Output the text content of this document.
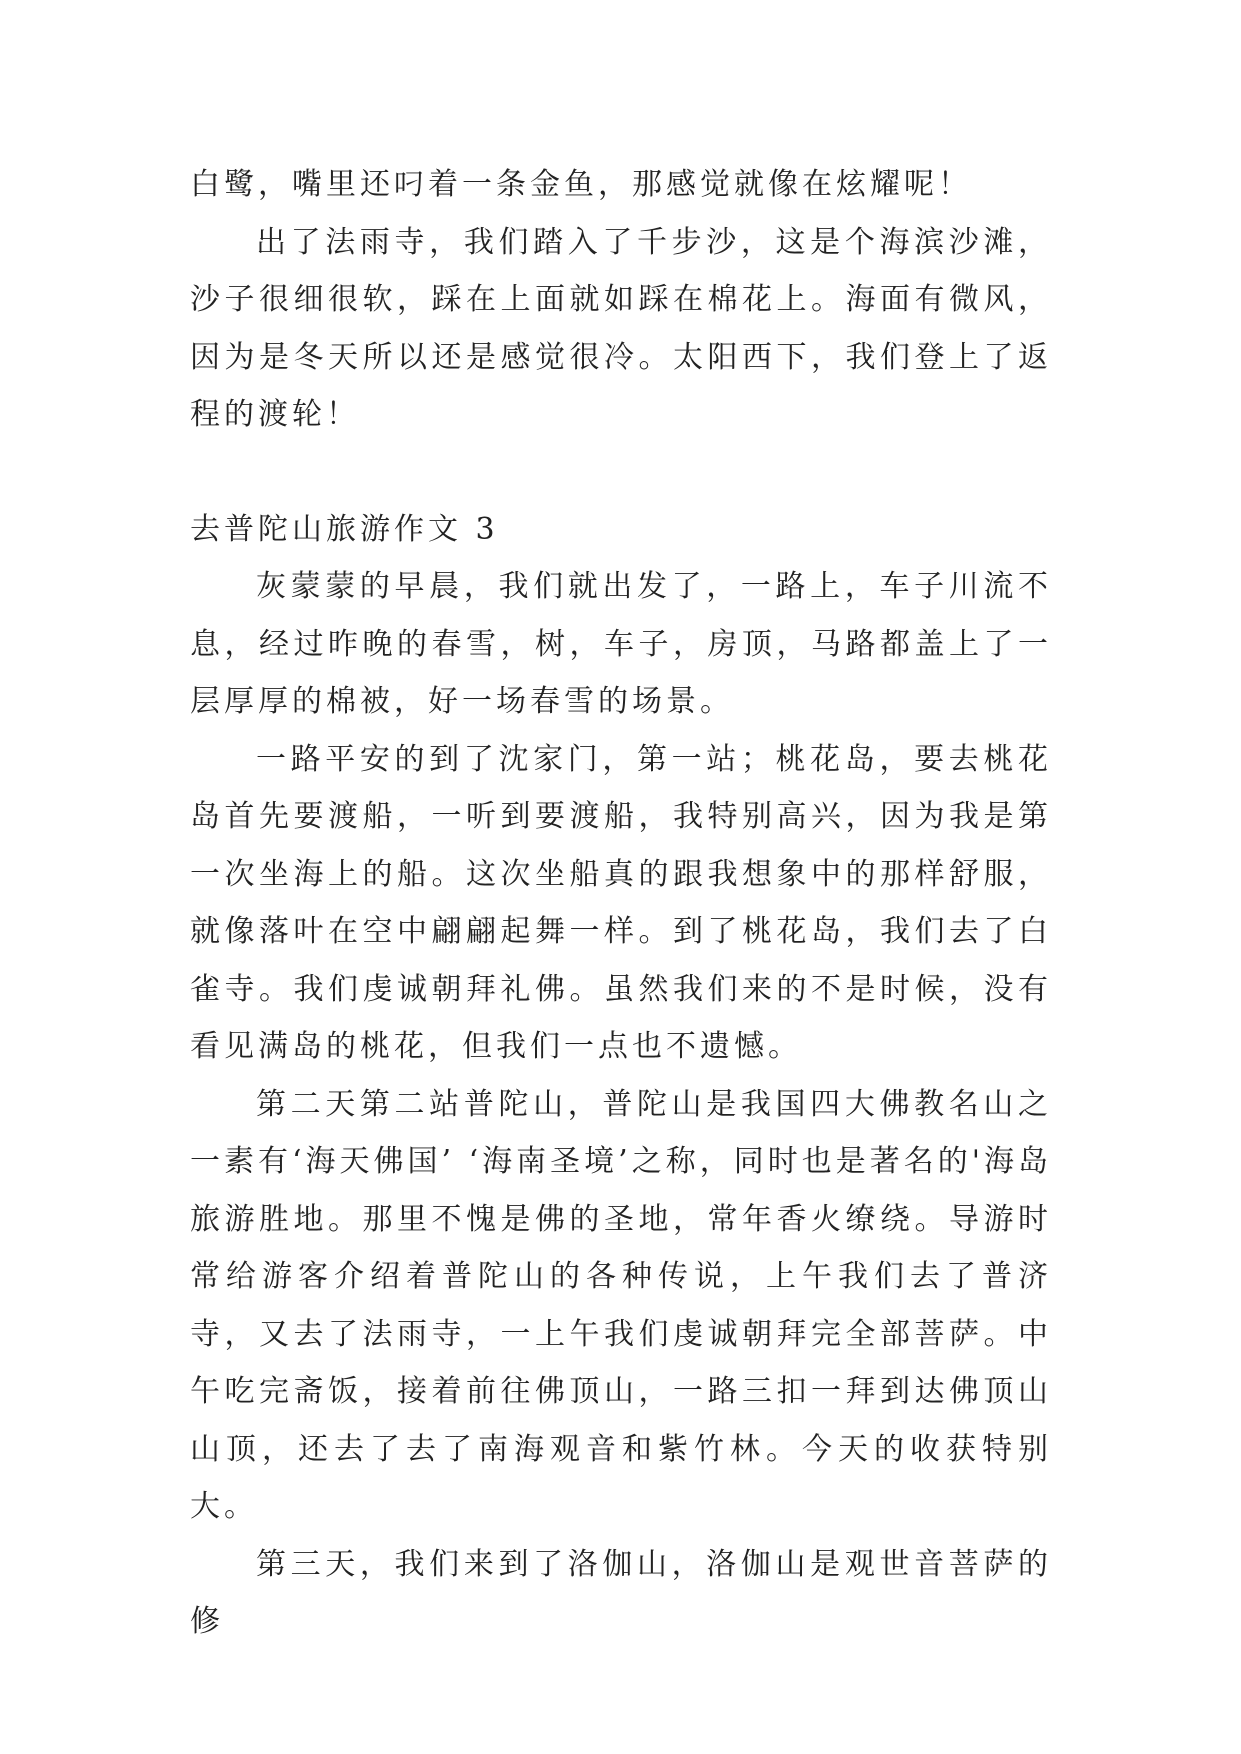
白鹭，嘴里还叼着一条金鱼，那感觉就像在炫耀呢！

出了法雨寺，我们踏入了千步沙，这是个海滨沙滩，沙子很细很软，踩在上面就如踩在棉花上。海面有微风，因为是冬天所以还是感觉很冷。太阳西下，我们登上了返程的渡轮！

去普陀山旅游作文 3

灰蒙蒙的早晨，我们就出发了，一路上，车子川流不息，经过昨晚的春雪，树，车子，房顶，马路都盖上了一层厚厚的棉被，好一场春雪的场景。

一路平安的到了沈家门，第一站；桃花岛，要去桃花岛首先要渡船，一听到要渡船，我特别高兴，因为我是第一次坐海上的船。这次坐船真的跟我想象中的那样舒服，就像落叶在空中翩翩起舞一样。到了桃花岛，我们去了白雀寺。我们虔诚朝拜礼佛。虽然我们来的不是时候，没有看见满岛的桃花，但我们一点也不遗憾。

第二天第二站普陀山，普陀山是我国四大佛教名山之一素有‘海天佛国’ ‘海南圣境’之称，同时也是著名的'海岛旅游胜地。那里不愧是佛的圣地，常年香火缭绕。导游时常给游客介绍着普陀山的各种传说，上午我们去了普济寺，又去了法雨寺，一上午我们虔诚朝拜完全部菩萨。中午吃完斋饭，接着前往佛顶山，一路三扣一拜到达佛顶山山顶，还去了去了南海观音和紫竹林。今天的收获特别大。

第三天，我们来到了洛伽山，洛伽山是观世音菩萨的修
